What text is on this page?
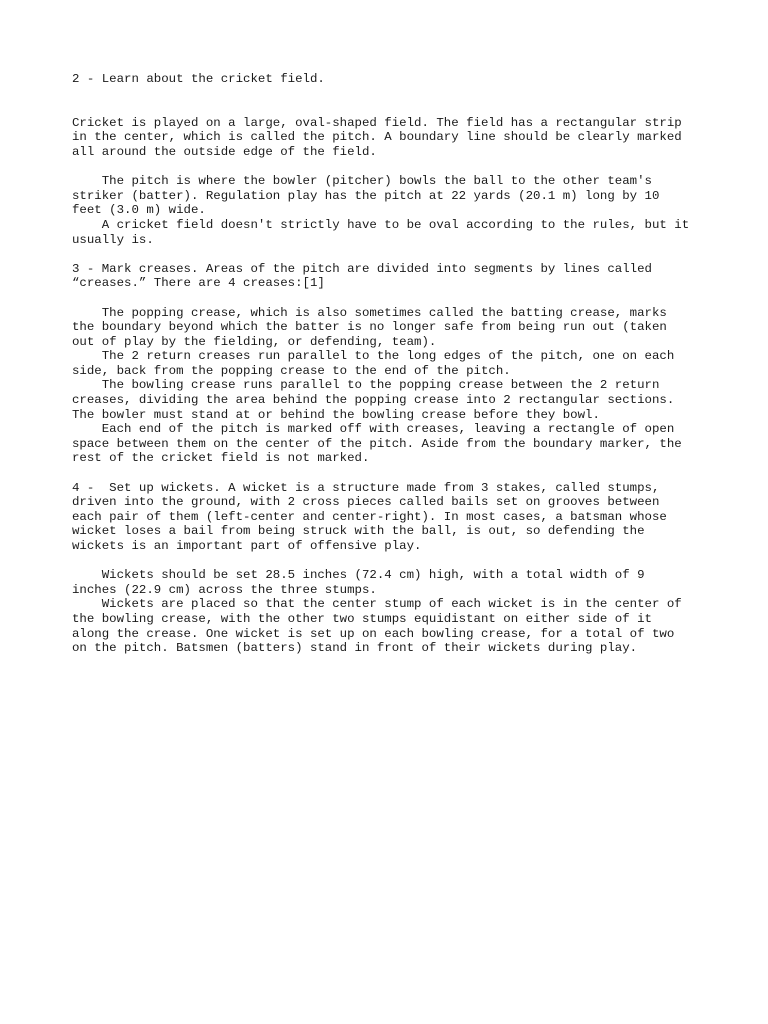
2 - Learn about the cricket field.
Cricket is played on a large, oval-shaped field. The field has a rectangular strip
in the center, which is called the pitch. A boundary line should be clearly marked
all around the outside edge of the field.
The pitch is where the bowler (pitcher) bowls the ball to the other team's
striker (batter). Regulation play has the pitch at 22 yards (20.1 m) long by 10
feet (3.0 m) wide.
A cricket field doesn't strictly have to be oval according to the rules, but it
usually is.
3 - Mark creases. Areas of the pitch are divided into segments by lines called
“creases.” There are 4 creases:[1]
The popping crease, which is also sometimes called the batting crease, marks
the boundary beyond which the batter is no longer safe from being run out (taken
out of play by the fielding, or defending, team).
The 2 return creases run parallel to the long edges of the pitch, one on each
side, back from the popping crease to the end of the pitch.
The bowling crease runs parallel to the popping crease between the 2 return
creases, dividing the area behind the popping crease into 2 rectangular sections.
The bowler must stand at or behind the bowling crease before they bowl.
Each end of the pitch is marked off with creases, leaving a rectangle of open
space between them on the center of the pitch. Aside from the boundary marker, the
rest of the cricket field is not marked.
4 -  Set up wickets. A wicket is a structure made from 3 stakes, called stumps,
driven into the ground, with 2 cross pieces called bails set on grooves between
each pair of them (left-center and center-right). In most cases, a batsman whose
wicket loses a bail from being struck with the ball, is out, so defending the
wickets is an important part of offensive play.
Wickets should be set 28.5 inches (72.4 cm) high, with a total width of 9
inches (22.9 cm) across the three stumps.
Wickets are placed so that the center stump of each wicket is in the center of
the bowling crease, with the other two stumps equidistant on either side of it
along the crease. One wicket is set up on each bowling crease, for a total of two
on the pitch. Batsmen (batters) stand in front of their wickets during play.
